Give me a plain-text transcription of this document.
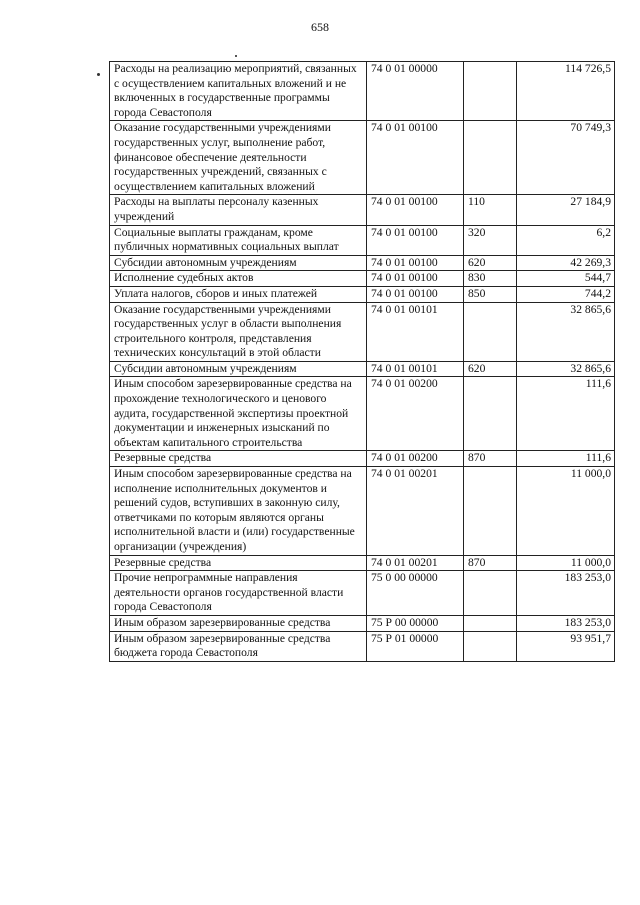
658
Расходы на реализацию мероприятий, связанных с осуществлением капитальных вложений и не включенных в государственные программы города Севастополя	74 0 01 00000		114 726,5
Оказание государственными учреждениями государственных услуг, выполнение работ, финансовое обеспечение деятельности государственных учреждений, связанных с осуществлением капитальных вложений	74 0 01 00100		70 749,3
Расходы на выплаты персоналу казенных учреждений	74 0 01 00100	110	27 184,9
Социальные выплаты гражданам, кроме публичных нормативных социальных выплат	74 0 01 00100	320	6,2
Субсидии автономным учреждениям	74 0 01 00100	620	42 269,3
Исполнение судебных актов	74 0 01 00100	830	544,7
Уплата налогов, сборов и иных платежей	74 0 01 00100	850	744,2
Оказание государственными учреждениями государственных услуг в области выполнения строительного контроля, представления технических консультаций в этой области	74 0 01 00101		32 865,6
Субсидии автономным учреждениям	74 0 01 00101	620	32 865,6
Иным способом зарезервированные средства на прохождение технологического и ценового аудита, государственной экспертизы проектной документации и инженерных изысканий по объектам капитального строительства	74 0 01 00200		111,6
Резервные средства	74 0 01 00200	870	111,6
Иным способом зарезервированные средства на исполнение исполнительных документов и решений судов, вступивших в законную силу, ответчиками по которым являются органы исполнительной власти и (или) государственные организации (учреждения)	74 0 01 00201		11 000,0
Резервные средства	74 0 01 00201	870	11 000,0
Прочие непрограммные направления деятельности органов государственной власти города Севастополя	75 0 00 00000		183 253,0
Иным образом зарезервированные средства	75 Р 00 00000		183 253,0
Иным образом зарезервированные средства бюджета города Севастополя	75 Р 01 00000		93 951,7
